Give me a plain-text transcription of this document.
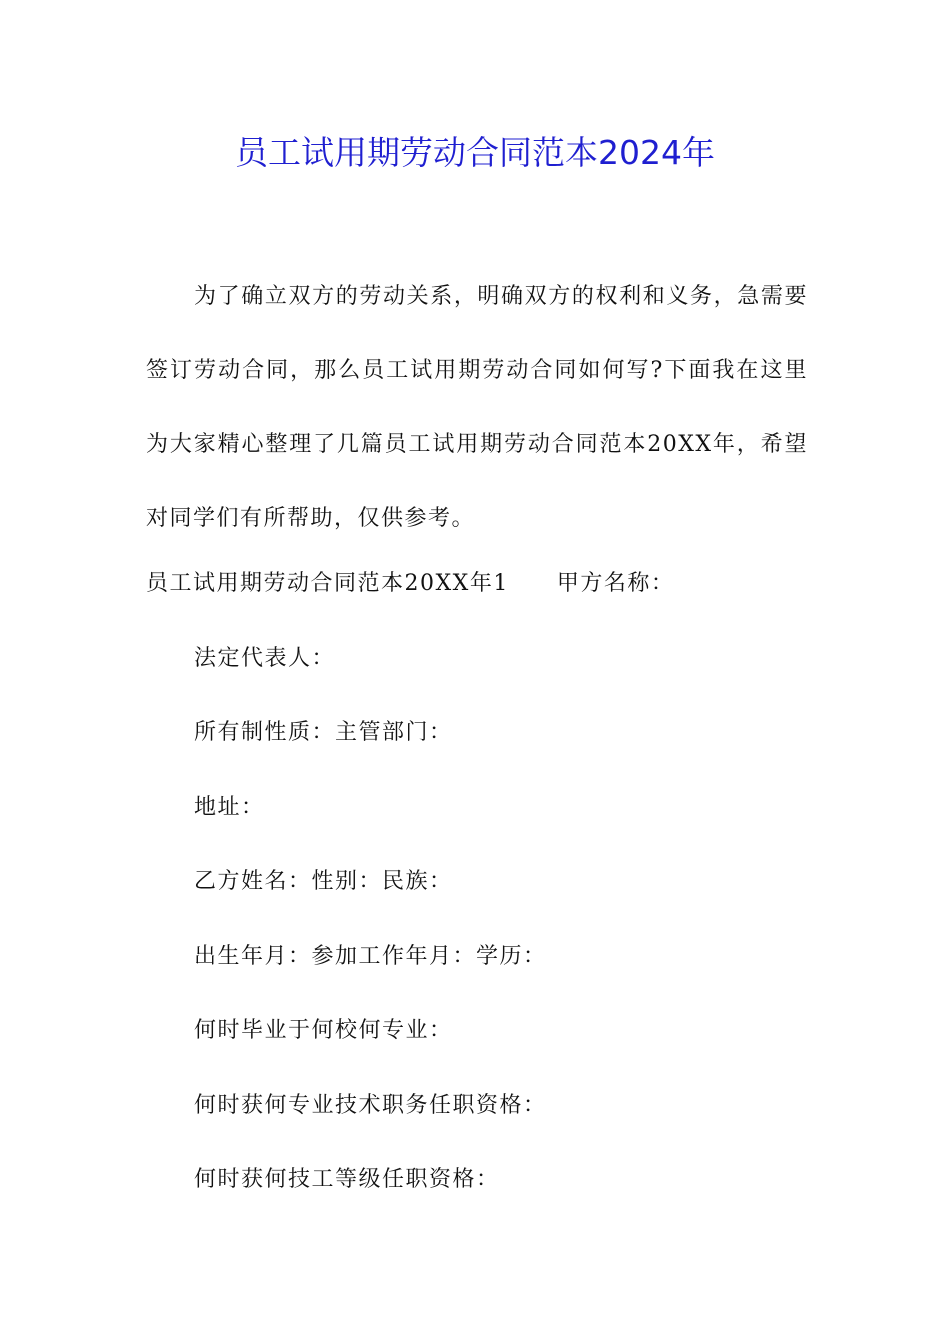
员工试用期劳动合同范本2024年
为了确立双方的劳动关系，明确双方的权利和义务，急需要签订劳动合同，那么员工试用期劳动合同如何写?下面我在这里为大家精心整理了几篇员工试用期劳动合同范本20XX年，希望对同学们有所帮助，仅供参考。
员工试用期劳动合同范本20XX年1 甲方名称：
法定代表人：
所有制性质：主管部门：
地址：
乙方姓名：性别：民族：
出生年月：参加工作年月：学历：
何时毕业于何校何专业：
何时获何专业技术职务任职资格：
何时获何技工等级任职资格：
